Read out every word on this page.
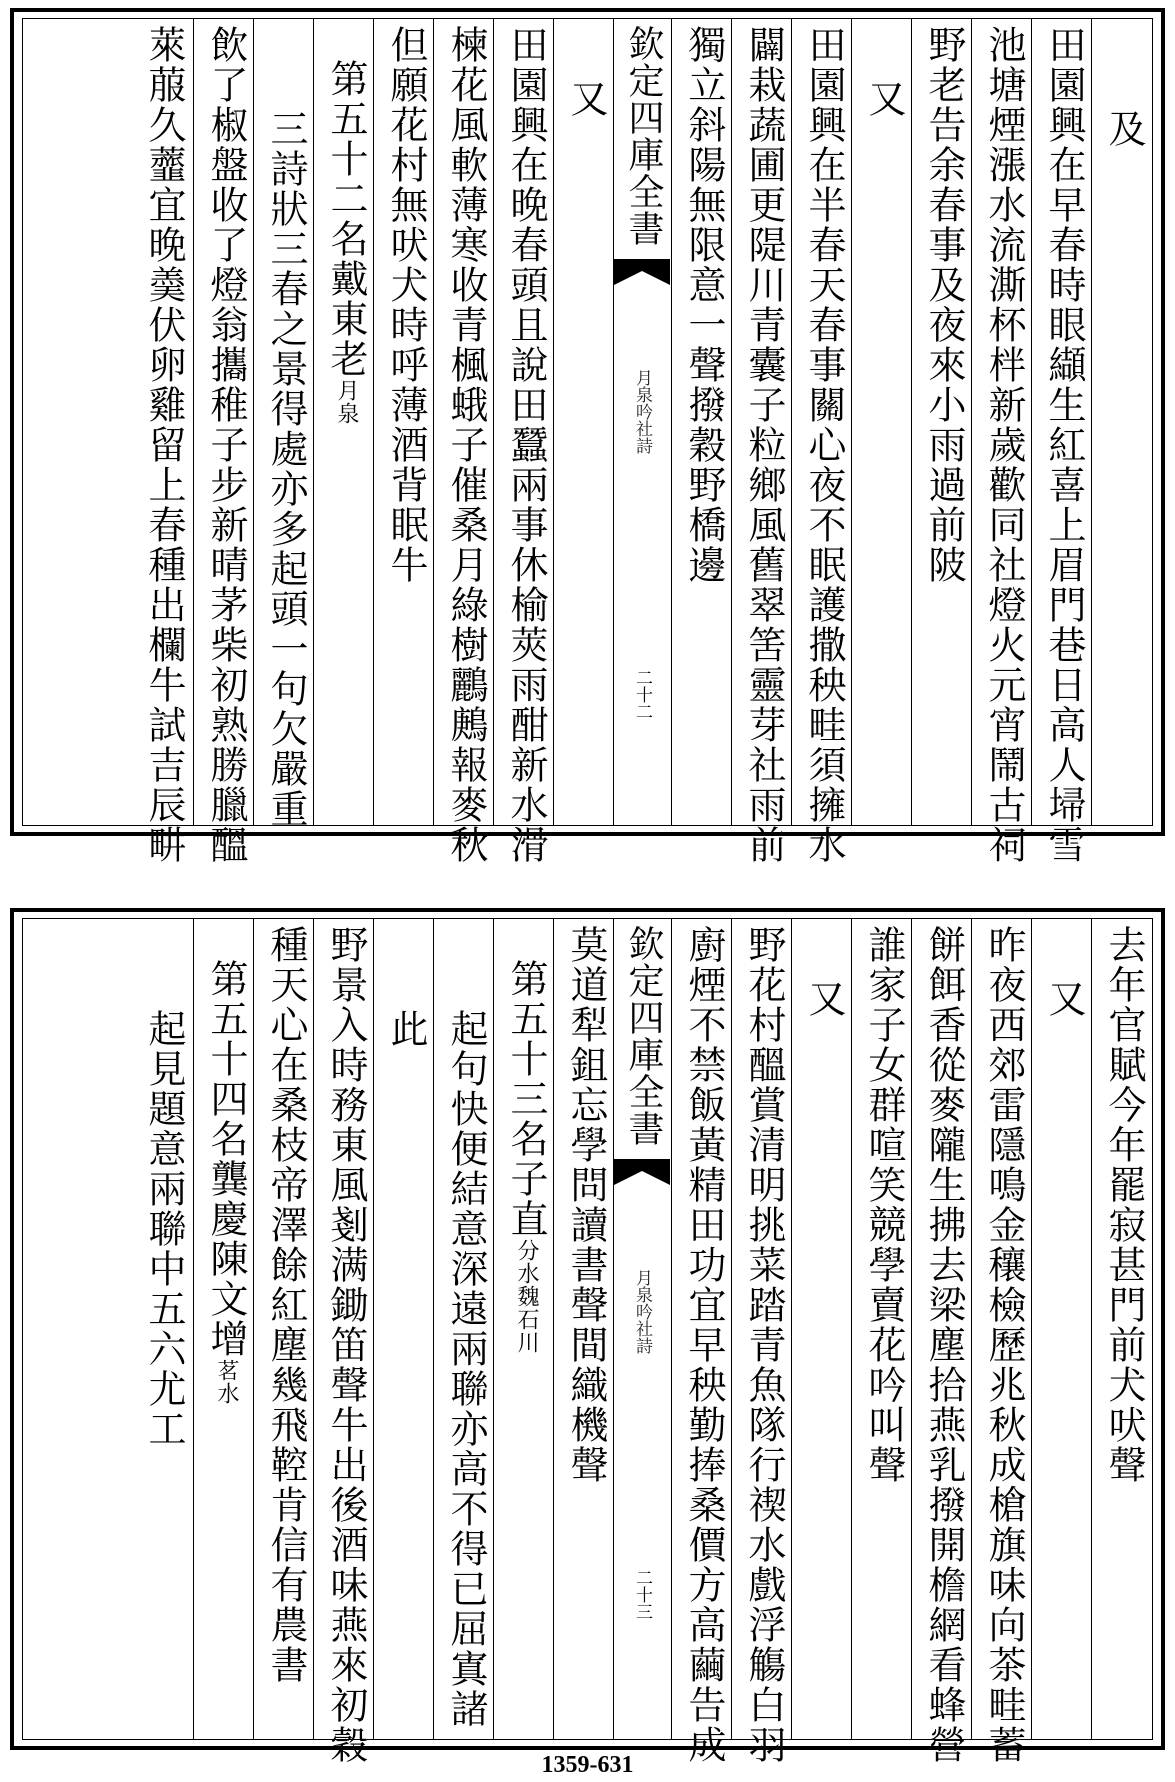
及
田園興在早春時眼纈生紅喜上眉門巷日高人埽雪
池塘煙漲水流澌杯柈新歲歡同社燈火元宵鬧古祠
野老告余春事及夜來小雨過前陂
又
田園興在半春天春事關心夜不眠護撒秧畦須擁水
闢栽蔬圃更隄川青囊子粒鄉風舊翠筈靈芽社雨前
獨立斜陽無限意一聲撥穀野橋邊
欽定四庫全書
月泉吟社詩
二十二
又
田園興在晚春頭且說田蠶兩事休榆莢雨酣新水滑
楝花風軟薄寒收青楓蛾子催桑月綠樹鸝鶊報麥秋
但願花村無吠犬時呼薄酒背眠牛
第五十二名戴東老月泉
三詩狀三春之景得處亦多起頭一句欠嚴重
飲了椒盤收了燈翁攜稚子步新晴茅柴初熟勝臘醞
萊菔久虀宜晚羮伏卵雞留上春種出欄牛試吉辰畊
去年官賦今年罷寂甚門前犬吠聲
又
昨夜西郊雷隱鳴金穰檢歷兆秋成槍旗味向茶畦蓄
餅餌香從麥隴生拂去梁塵拾燕乳撥開檐網看蜂營
誰家子女群喧笑競學賣花吟叫聲
又
野花村醞賞清明挑菜踏青魚隊行禊水戲浮觴白羽
廚煙不禁飯黃精田功宜早秧勤捧桑價方高繭告成
欽定四庫全書
月泉吟社詩
二十三
莫道犁鉏忘學問讀書聲間織機聲
第五十三名子直分水魏石川
起句快便結意深遠兩聯亦高不得已屈寘諸
此
野景入時務東風剗满鋤笛聲牛出後酒味燕來初穀
種天心在桑枝帝澤餘紅塵幾飛鞚肯信有農書
第五十四名龔慶陳文增茗水
起見題意兩聯中五六尤工
1359-631
